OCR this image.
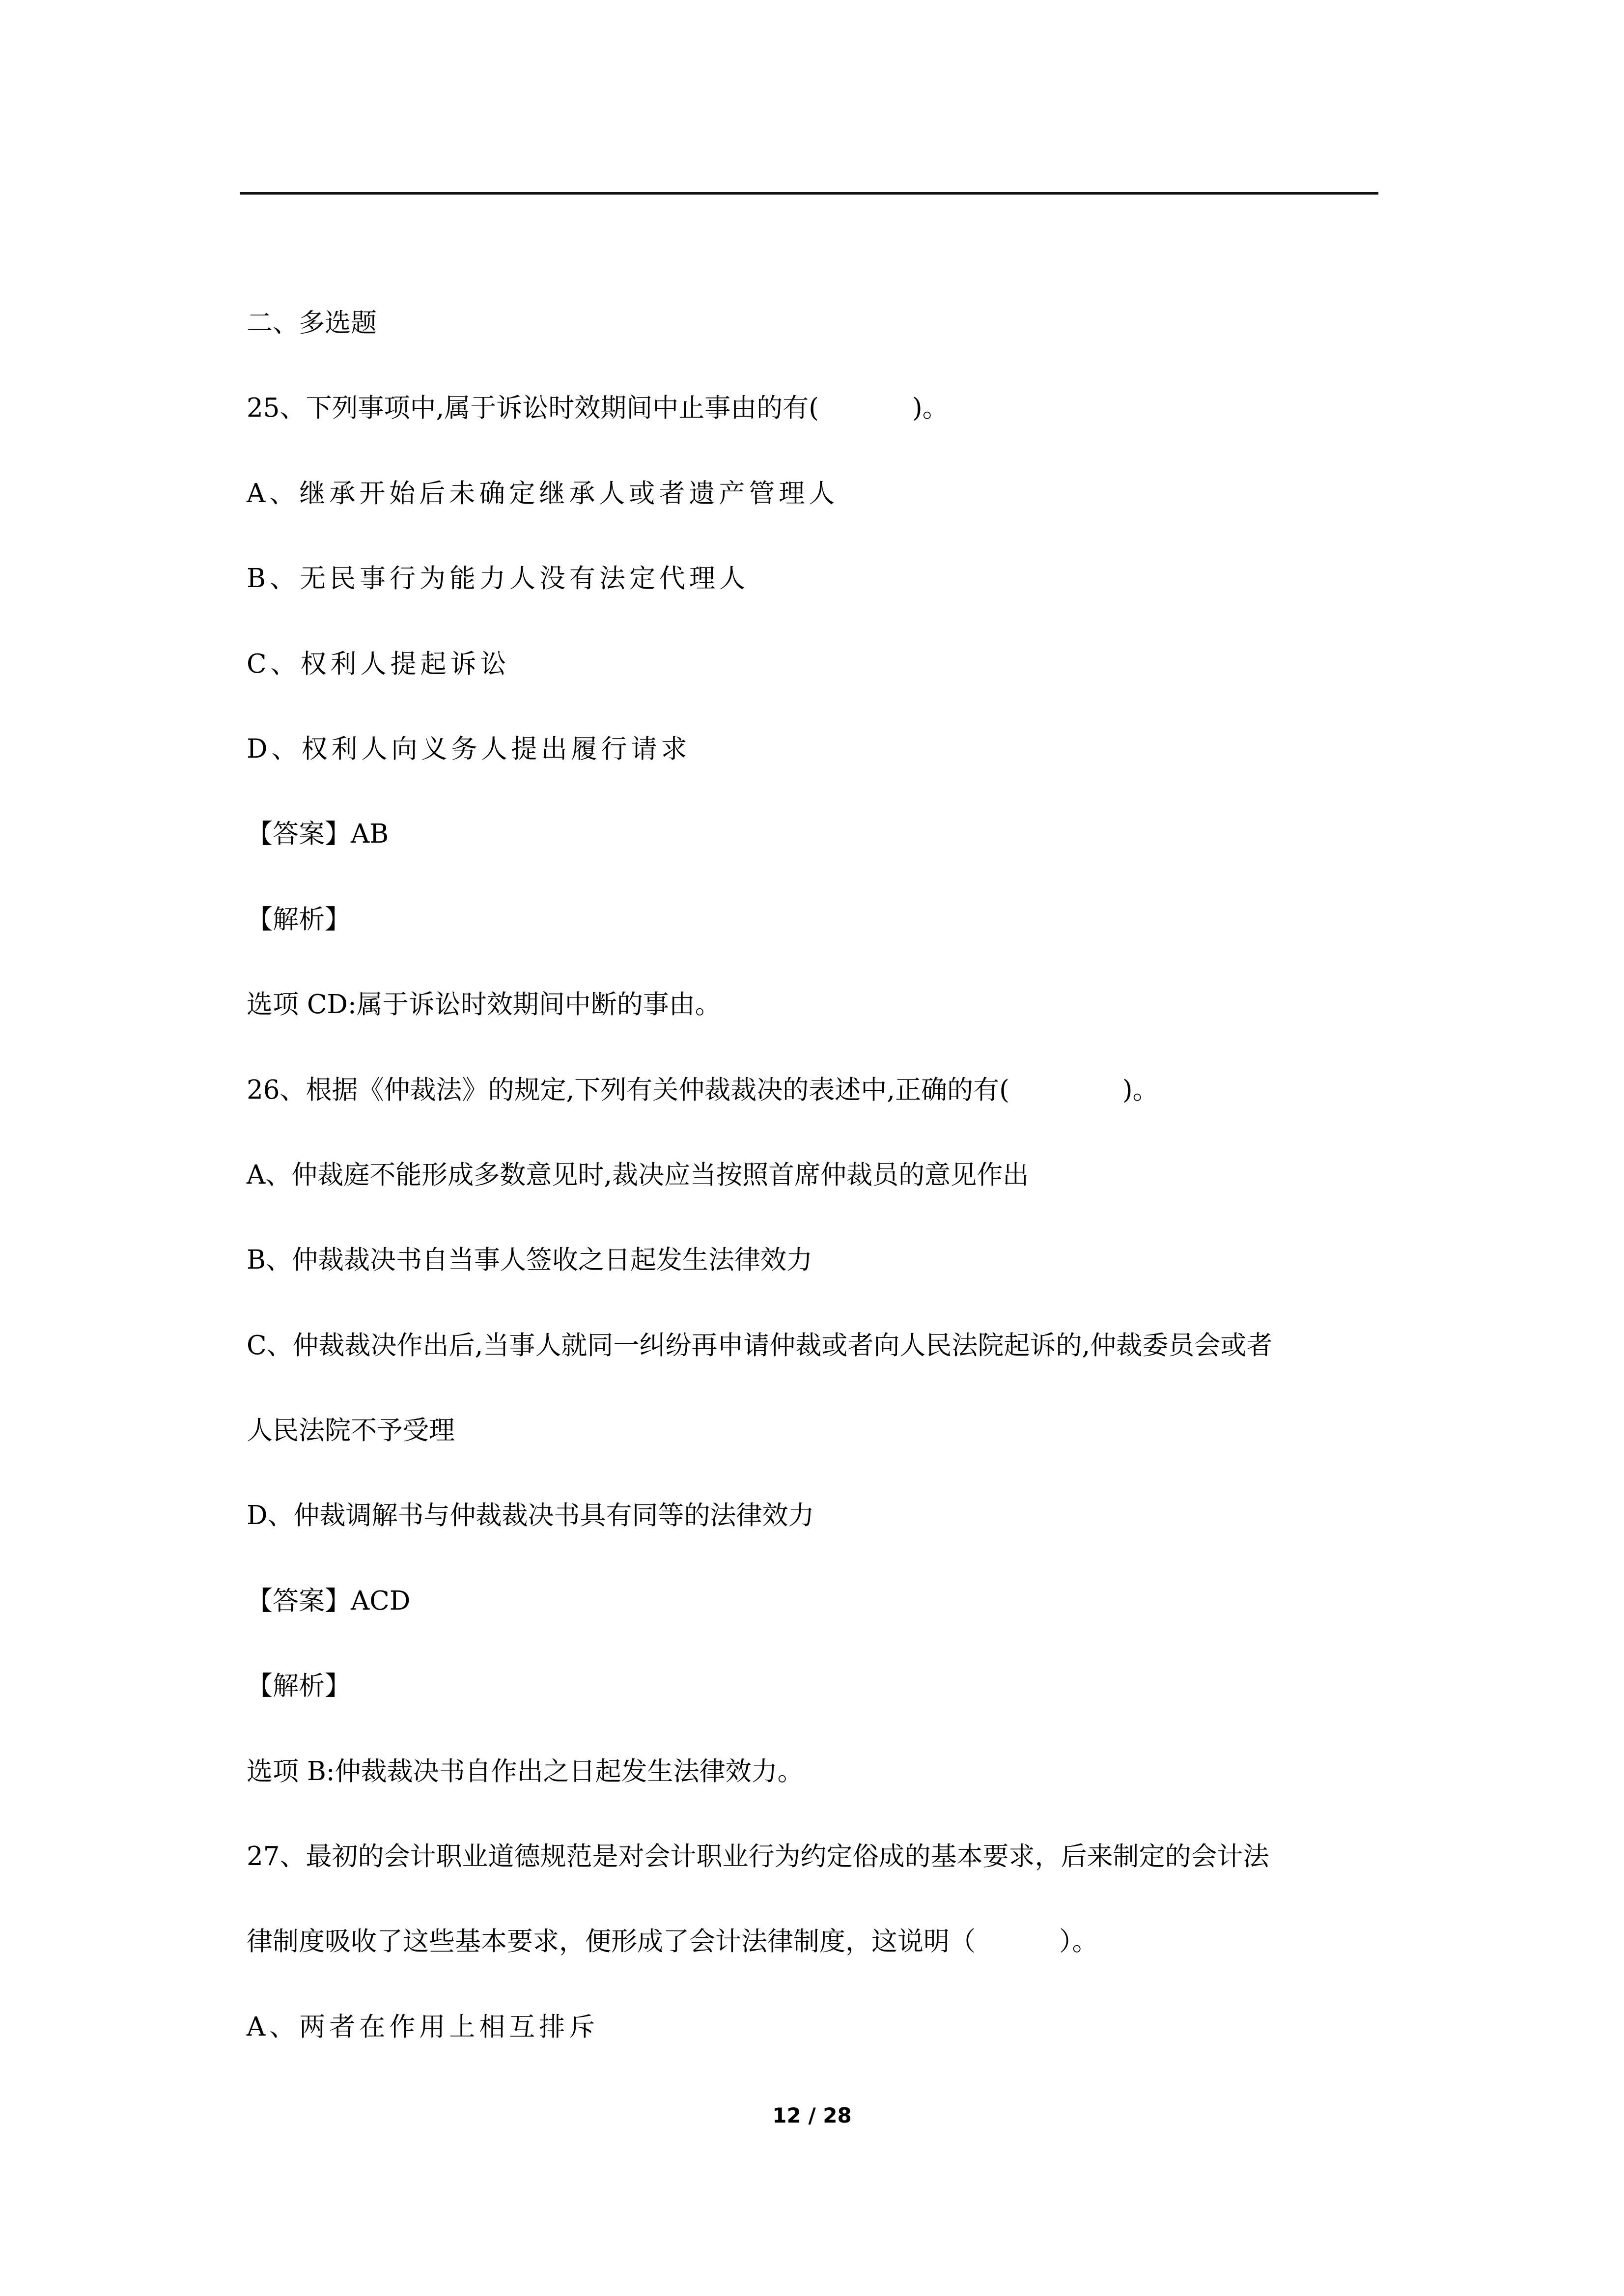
二、多选题
25、下列事项中,属于诉讼时效期间中止事由的有(	)。
A、继承开始后未确定继承人或者遗产管理人
B、无民事行为能力人没有法定代理人
C、权利人提起诉讼
D、权利人向义务人提出履行请求
【答案】AB
【解析】
选项 CD:属于诉讼时效期间中断的事由。
26、根据《仲裁法》的规定,下列有关仲裁裁决的表述中,正确的有(	)。
A、仲裁庭不能形成多数意见时,裁决应当按照首席仲裁员的意见作出
B、仲裁裁决书自当事人签收之日起发生法律效力
C、仲裁裁决作出后,当事人就同一纠纷再申请仲裁或者向人民法院起诉的,仲裁委员会或者
人民法院不予受理
D、仲裁调解书与仲裁裁决书具有同等的法律效力
【答案】ACD
【解析】
选项 B:仲裁裁决书自作出之日起发生法律效力。
27、最初的会计职业道德规范是对会计职业行为约定俗成的基本要求，后来制定的会计法
律制度吸收了这些基本要求，便形成了会计法律制度，这说明（	）。
A、两者在作用上相互排斥
12 / 28
